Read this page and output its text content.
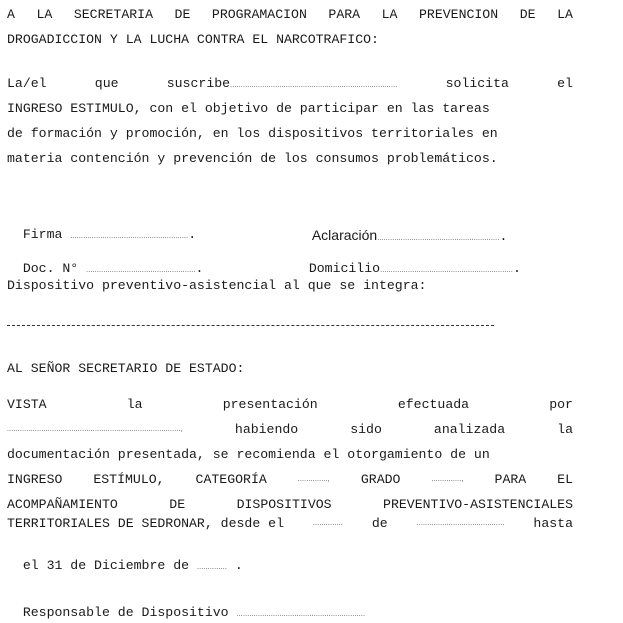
A LA SECRETARIA DE PROGRAMACION PARA LA PREVENCION DE LA
DROGADICCION Y LA LUCHA CONTRA EL NARCOTRAFICO:
La/el	que	suscribe..............................................................................	solicita	el
INGRESO ESTIMULO, con el objetivo de participar en las tareas
de formación y promoción, en los dispositivos territoriales en
materia contención y prevención de los consumos problemáticos.

Firma ........................................................	Aclaración..........................................................

Doc. N° ....................................................	Domicilio...............................................................

Dispositivo preventivo-asistencial al que se integra:
AL SEÑOR SECRETARIO DE ESTADO:
VISTA	la	presentación	efectuada	por
.................................................................................,	habiendo	sido	analizada	la
documentación presentada, se recomienda el otorgamiento de un
INGRESO ESTÍMULO, CATEGORÍA	.............., GRADO	.............., PARA EL
ACOMPAÑAMIENTO	DE	DISPOSITIVOS	PREVENTIVO-ASISTENCIALES
TERRITORIALES DE SEDRONAR, desde el	.............. de	......................................... hasta

el 31 de Diciembre de .............. .

Responsable de Dispositivo ............................................................
